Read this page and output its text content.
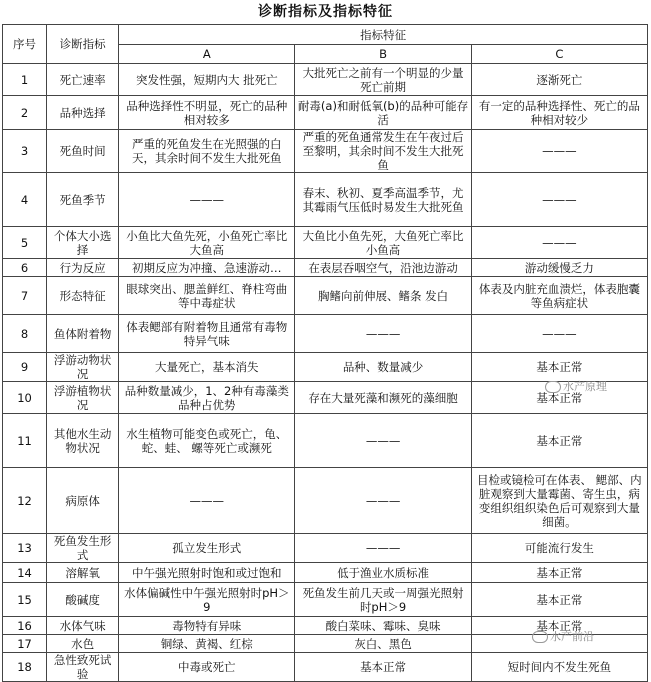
诊断指标及指标特征
序号	诊断指标	指标特征		
		A	B	C
1	死亡速率	突发性强，短期内大 批死亡	大批死亡之前有一个明显的少量死亡前期	逐渐死亡
2	品种选择	品种选择性不明显，死亡的品种相对较多	耐毒(a)和耐低氧(b)的品种可能存活	有一定的品种选择性、死亡的品种相对较少
3	死鱼时间	严重的死鱼发生在光照强的白天，其余时间不发生大批死鱼	严重的死鱼通常发生在午夜过后至黎明，其余时间不发生大批死鱼	———
4	死鱼季节	———	春末、秋初、夏季高温季节，尤其霉雨气压低时易发生大批死鱼	———
5	个体大小选择	小鱼比大鱼先死，小鱼死亡率比大鱼高	大鱼比小鱼先死，大鱼死亡率比小鱼高	———
6	行为反应	初期反应为冲撞、急速游动…	在表层吞咽空气，沿池边游动	游动缓慢乏力
7	形态特征	眼球突出、腮盖鲜红、脊柱弯曲等中毒症状	胸鳍向前伸展、鳍条 发白	体表及内脏充血溃烂，体表胞囊等鱼病症状
8	鱼体附着物	体表鳃部有附着物且通常有毒物特异气味	———	———
9	浮游动物状况	大量死亡，基本消失	品种、数量减少	基本正常
10	浮游植物状况	品种数量减少，1、2种有毒藻类品种占优势	存在大量死藻和濒死的藻细胞	基本正常
11	其他水生动物状况	水生植物可能变色或死亡，龟、蛇、蛙、 螺等死亡或濒死	———	基本正常
12	病原体	———	———	目检或镜检可在体表、 鳃部、内脏观察到大量霉菌、寄生虫，病变组织组织染色后可观察到大量细菌。
13	死鱼发生形式	孤立发生形式	———	可能流行发生
14	溶解氧	中午强光照射时饱和或过饱和	低于渔业水质标准	基本正常
15	酸碱度	水体偏碱性中午强光照射时pH＞9	死鱼发生前几天或一周强光照射时pH＞9	基本正常
16	水体气味	毒物特有异味	酸白菜味、霉味、臭味	基本正常
17	水色	铜绿、黄褐、红棕	灰白、黑色	
18	急性致死试验	中毒或死亡	基本正常	短时间内不发生死鱼
水产原理
水产前沿
